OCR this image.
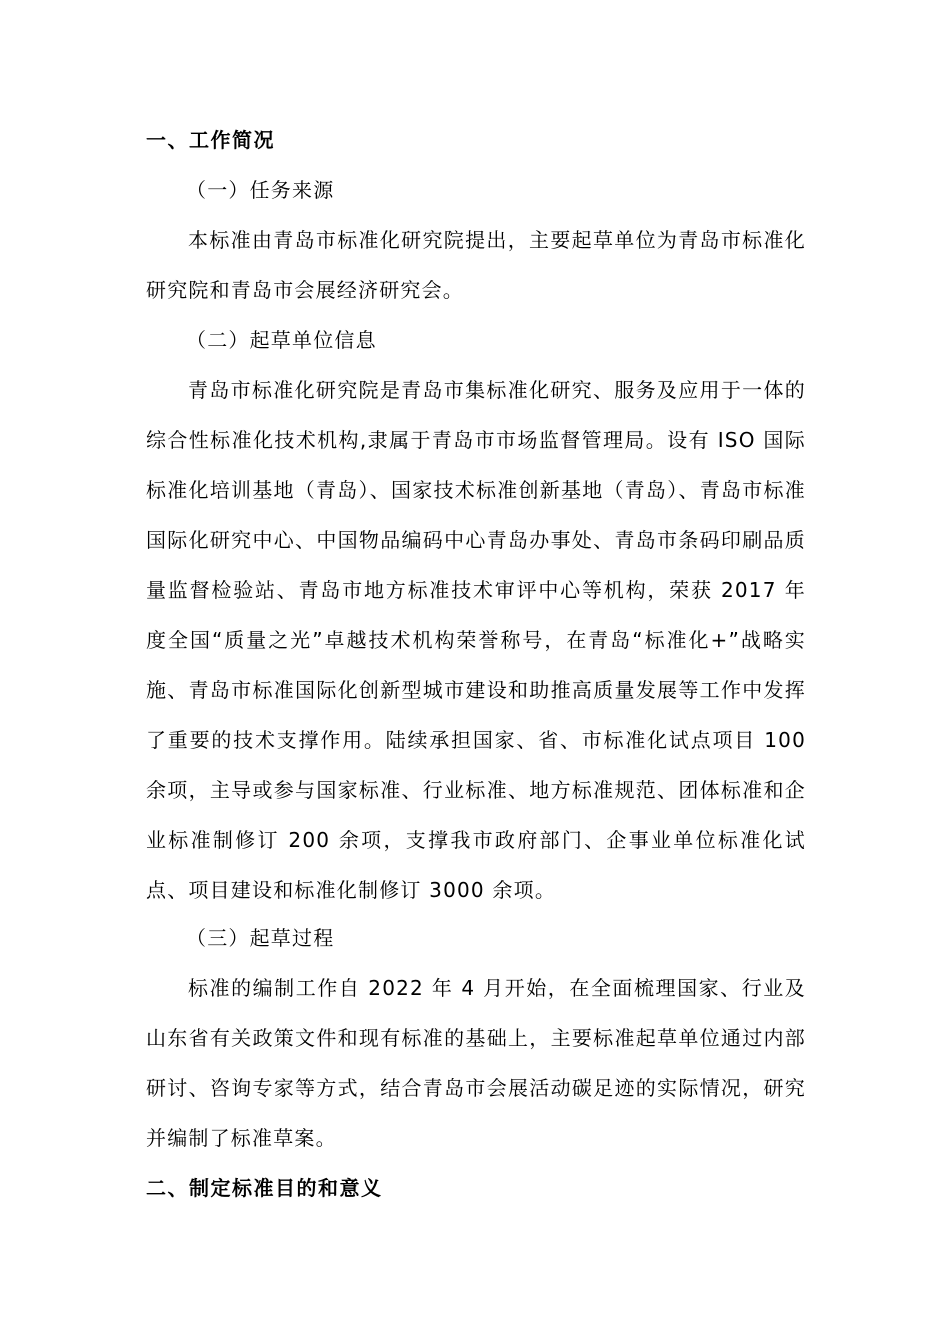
一、工作简况

（一）任务来源

本标准由青岛市标准化研究院提出，主要起草单位为青岛市标准化研究院和青岛市会展经济研究会。

（二）起草单位信息

青岛市标准化研究院是青岛市集标准化研究、服务及应用于一体的综合性标准化技术机构,隶属于青岛市市场监督管理局。设有 ISO 国际标准化培训基地（青岛）、国家技术标准创新基地（青岛）、青岛市标准国际化研究中心、中国物品编码中心青岛办事处、青岛市条码印刷品质量监督检验站、青岛市地方标准技术审评中心等机构，荣获 2017 年度全国“质量之光”卓越技术机构荣誉称号，在青岛“标准化+”战略实施、青岛市标准国际化创新型城市建设和助推高质量发展等工作中发挥了重要的技术支撑作用。陆续承担国家、省、市标准化试点项目 100 余项，主导或参与国家标准、行业标准、地方标准规范、团体标准和企业标准制修订 200 余项，支撑我市政府部门、企事业单位标准化试点、项目建设和标准化制修订 3000 余项。

（三）起草过程

标准的编制工作自 2022 年 4 月开始，在全面梳理国家、行业及山东省有关政策文件和现有标准的基础上，主要标准起草单位通过内部研讨、咨询专家等方式，结合青岛市会展活动碳足迹的实际情况，研究并编制了标准草案。

二、制定标准目的和意义
